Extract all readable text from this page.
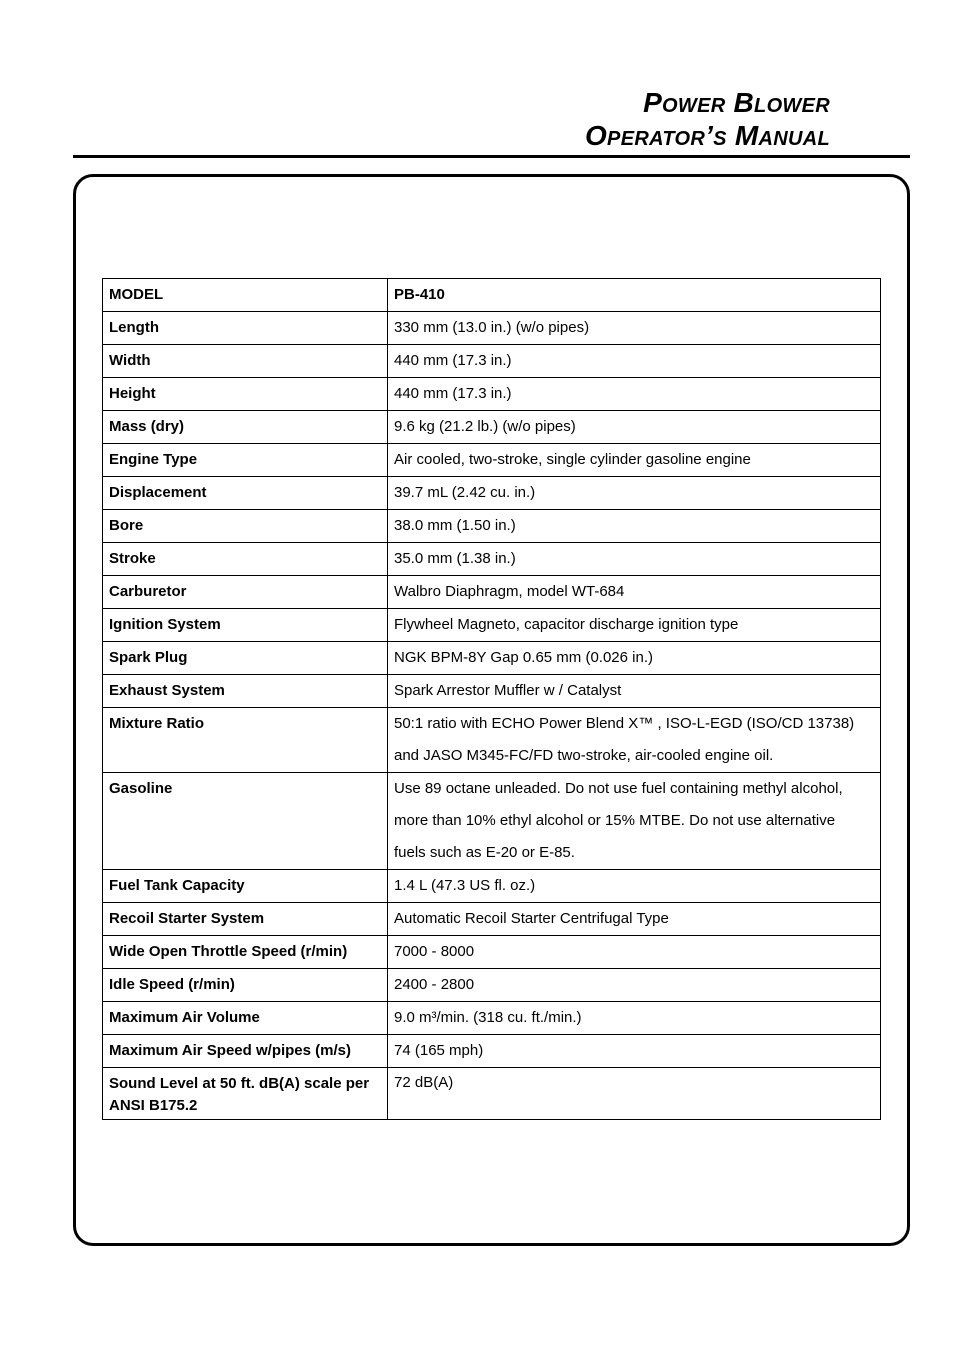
Power Blower
Operator’s Manual
MODEL	PB-410
Length	330 mm (13.0 in.) (w/o pipes)
Width	440 mm (17.3 in.)
Height	440 mm (17.3 in.)
Mass (dry)	9.6 kg (21.2 lb.) (w/o pipes)
Engine Type	Air cooled, two-stroke, single cylinder gasoline engine
Displacement	39.7 mL (2.42 cu. in.)
Bore	38.0 mm (1.50 in.)
Stroke	35.0 mm (1.38 in.)
Carburetor	Walbro Diaphragm, model WT-684
Ignition System	Flywheel Magneto, capacitor discharge ignition type
Spark Plug	NGK BPM-8Y Gap 0.65 mm (0.026 in.)
Exhaust System	Spark Arrestor Muffler w / Catalyst
Mixture Ratio	50:1 ratio with ECHO Power Blend X™ , ISO-L-EGD (ISO/CD 13738)
and JASO M345-FC/FD two-stroke, air-cooled engine oil.

Gasoline	Use 89 octane unleaded. Do not use fuel containing methyl alcohol,
more than 10% ethyl alcohol or 15% MTBE. Do not use alternative
fuels such as E-20 or E-85.

Fuel Tank Capacity	1.4 L (47.3 US fl. oz.)
Recoil Starter System	Automatic Recoil Starter Centrifugal Type
Wide Open Throttle Speed (r/min)	7000 - 8000
Idle Speed (r/min)	2400 - 2800
Maximum Air Volume	9.0 m³/min. (318 cu. ft./min.)
Maximum Air Speed w/pipes (m/s)	74 (165 mph)

Sound Level at 50 ft. dB(A) scale per
ANSI B175.2	72 dB(A)
